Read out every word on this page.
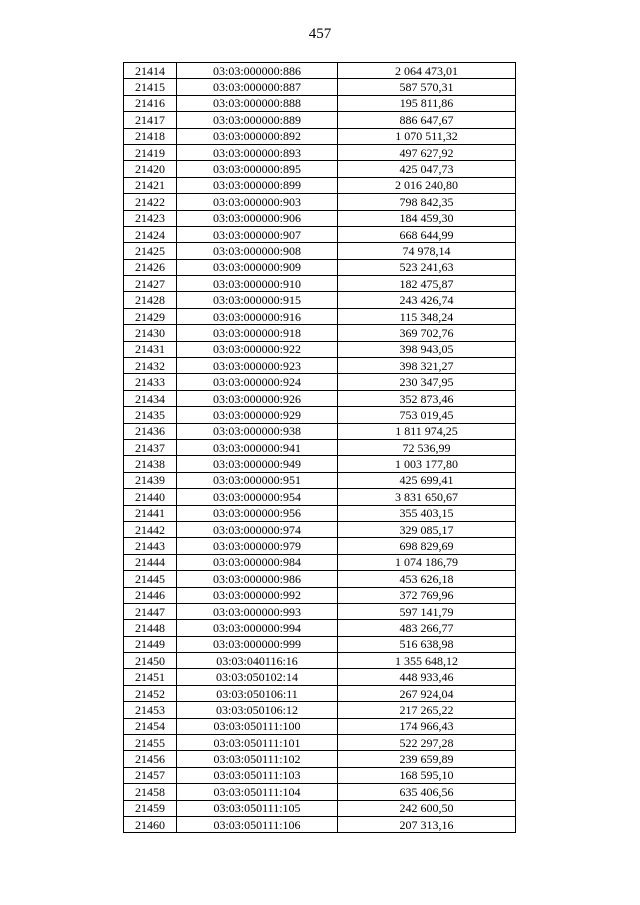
457
21414	03:03:000000:886	2 064 473,01
21415	03:03:000000:887	587 570,31
21416	03:03:000000:888	195 811,86
21417	03:03:000000:889	886 647,67
21418	03:03:000000:892	1 070 511,32
21419	03:03:000000:893	497 627,92
21420	03:03:000000:895	425 047,73
21421	03:03:000000:899	2 016 240,80
21422	03:03:000000:903	798 842,35
21423	03:03:000000:906	184 459,30
21424	03:03:000000:907	668 644,99
21425	03:03:000000:908	74 978,14
21426	03:03:000000:909	523 241,63
21427	03:03:000000:910	182 475,87
21428	03:03:000000:915	243 426,74
21429	03:03:000000:916	115 348,24
21430	03:03:000000:918	369 702,76
21431	03:03:000000:922	398 943,05
21432	03:03:000000:923	398 321,27
21433	03:03:000000:924	230 347,95
21434	03:03:000000:926	352 873,46
21435	03:03:000000:929	753 019,45
21436	03:03:000000:938	1 811 974,25
21437	03:03:000000:941	72 536,99
21438	03:03:000000:949	1 003 177,80
21439	03:03:000000:951	425 699,41
21440	03:03:000000:954	3 831 650,67
21441	03:03:000000:956	355 403,15
21442	03:03:000000:974	329 085,17
21443	03:03:000000:979	698 829,69
21444	03:03:000000:984	1 074 186,79
21445	03:03:000000:986	453 626,18
21446	03:03:000000:992	372 769,96
21447	03:03:000000:993	597 141,79
21448	03:03:000000:994	483 266,77
21449	03:03:000000:999	516 638,98
21450	03:03:040116:16	1 355 648,12
21451	03:03:050102:14	448 933,46
21452	03:03:050106:11	267 924,04
21453	03:03:050106:12	217 265,22
21454	03:03:050111:100	174 966,43
21455	03:03:050111:101	522 297,28
21456	03:03:050111:102	239 659,89
21457	03:03:050111:103	168 595,10
21458	03:03:050111:104	635 406,56
21459	03:03:050111:105	242 600,50
21460	03:03:050111:106	207 313,16
